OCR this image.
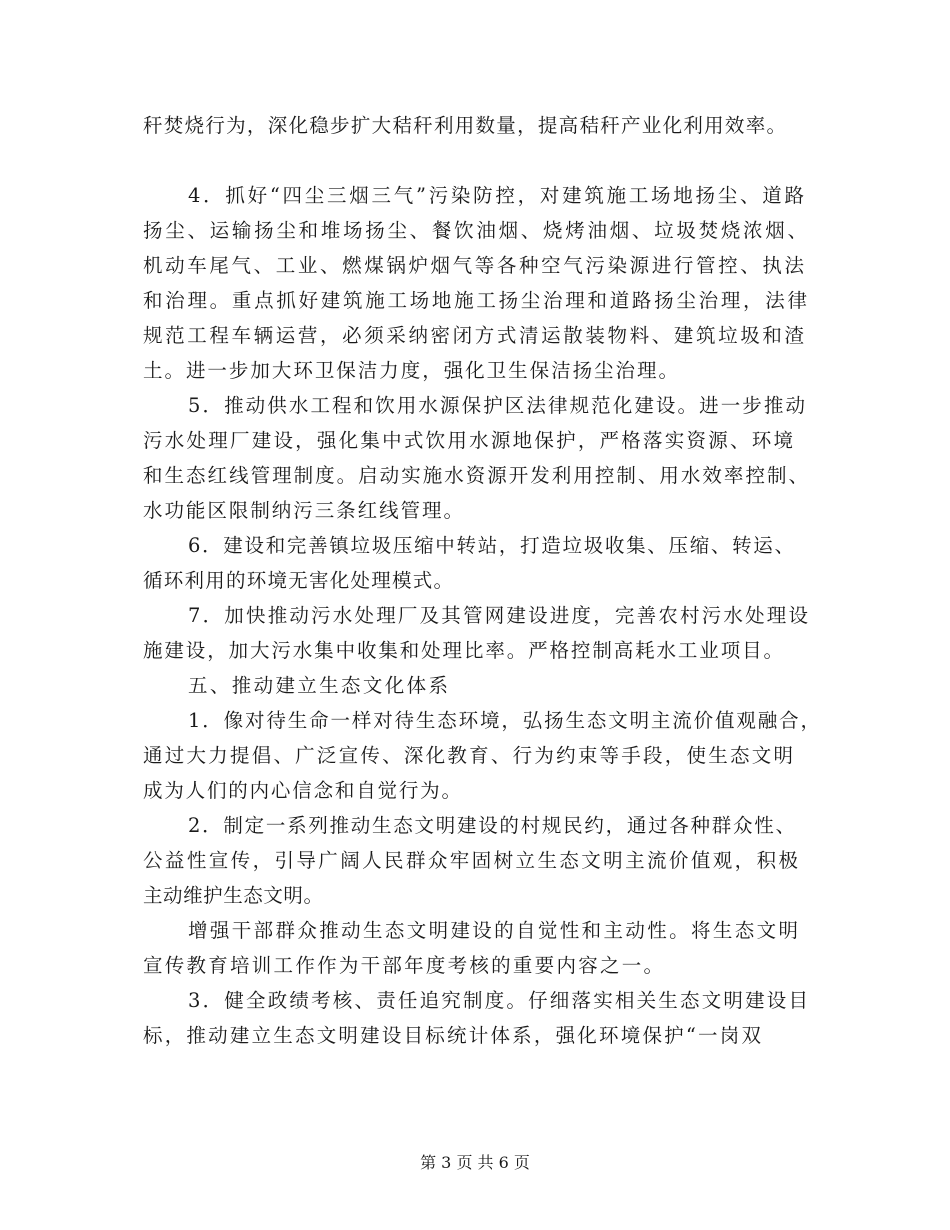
秆焚烧行为，深化稳步扩大秸秆利用数量，提高秸秆产业化利用效率。
4．抓好“四尘三烟三气”污染防控，对建筑施工场地扬尘、道路
扬尘、运输扬尘和堆场扬尘、餐饮油烟、烧烤油烟、垃圾焚烧浓烟、
机动车尾气、工业、燃煤锅炉烟气等各种空气污染源进行管控、执法
和治理。重点抓好建筑施工场地施工扬尘治理和道路扬尘治理，法律
规范工程车辆运营，必须采纳密闭方式清运散装物料、建筑垃圾和渣
土。进一步加大环卫保洁力度，强化卫生保洁扬尘治理。
5．推动供水工程和饮用水源保护区法律规范化建设。进一步推动
污水处理厂建设，强化集中式饮用水源地保护，严格落实资源、环境
和生态红线管理制度。启动实施水资源开发利用控制、用水效率控制、
水功能区限制纳污三条红线管理。
6．建设和完善镇垃圾压缩中转站，打造垃圾收集、压缩、转运、
循环利用的环境无害化处理模式。
7．加快推动污水处理厂及其管网建设进度，完善农村污水处理设
施建设，加大污水集中收集和处理比率。严格控制高耗水工业项目。
五、推动建立生态文化体系
1．像对待生命一样对待生态环境，弘扬生态文明主流价值观融合，
通过大力提倡、广泛宣传、深化教育、行为约束等手段，使生态文明
成为人们的内心信念和自觉行为。
2．制定一系列推动生态文明建设的村规民约，通过各种群众性、
公益性宣传，引导广阔人民群众牢固树立生态文明主流价值观，积极
主动维护生态文明。
增强干部群众推动生态文明建设的自觉性和主动性。将生态文明
宣传教育培训工作作为干部年度考核的重要内容之一。
3．健全政绩考核、责任追究制度。仔细落实相关生态文明建设目
标，推动建立生态文明建设目标统计体系，强化环境保护“一岗双
第 3 页 共 6 页
